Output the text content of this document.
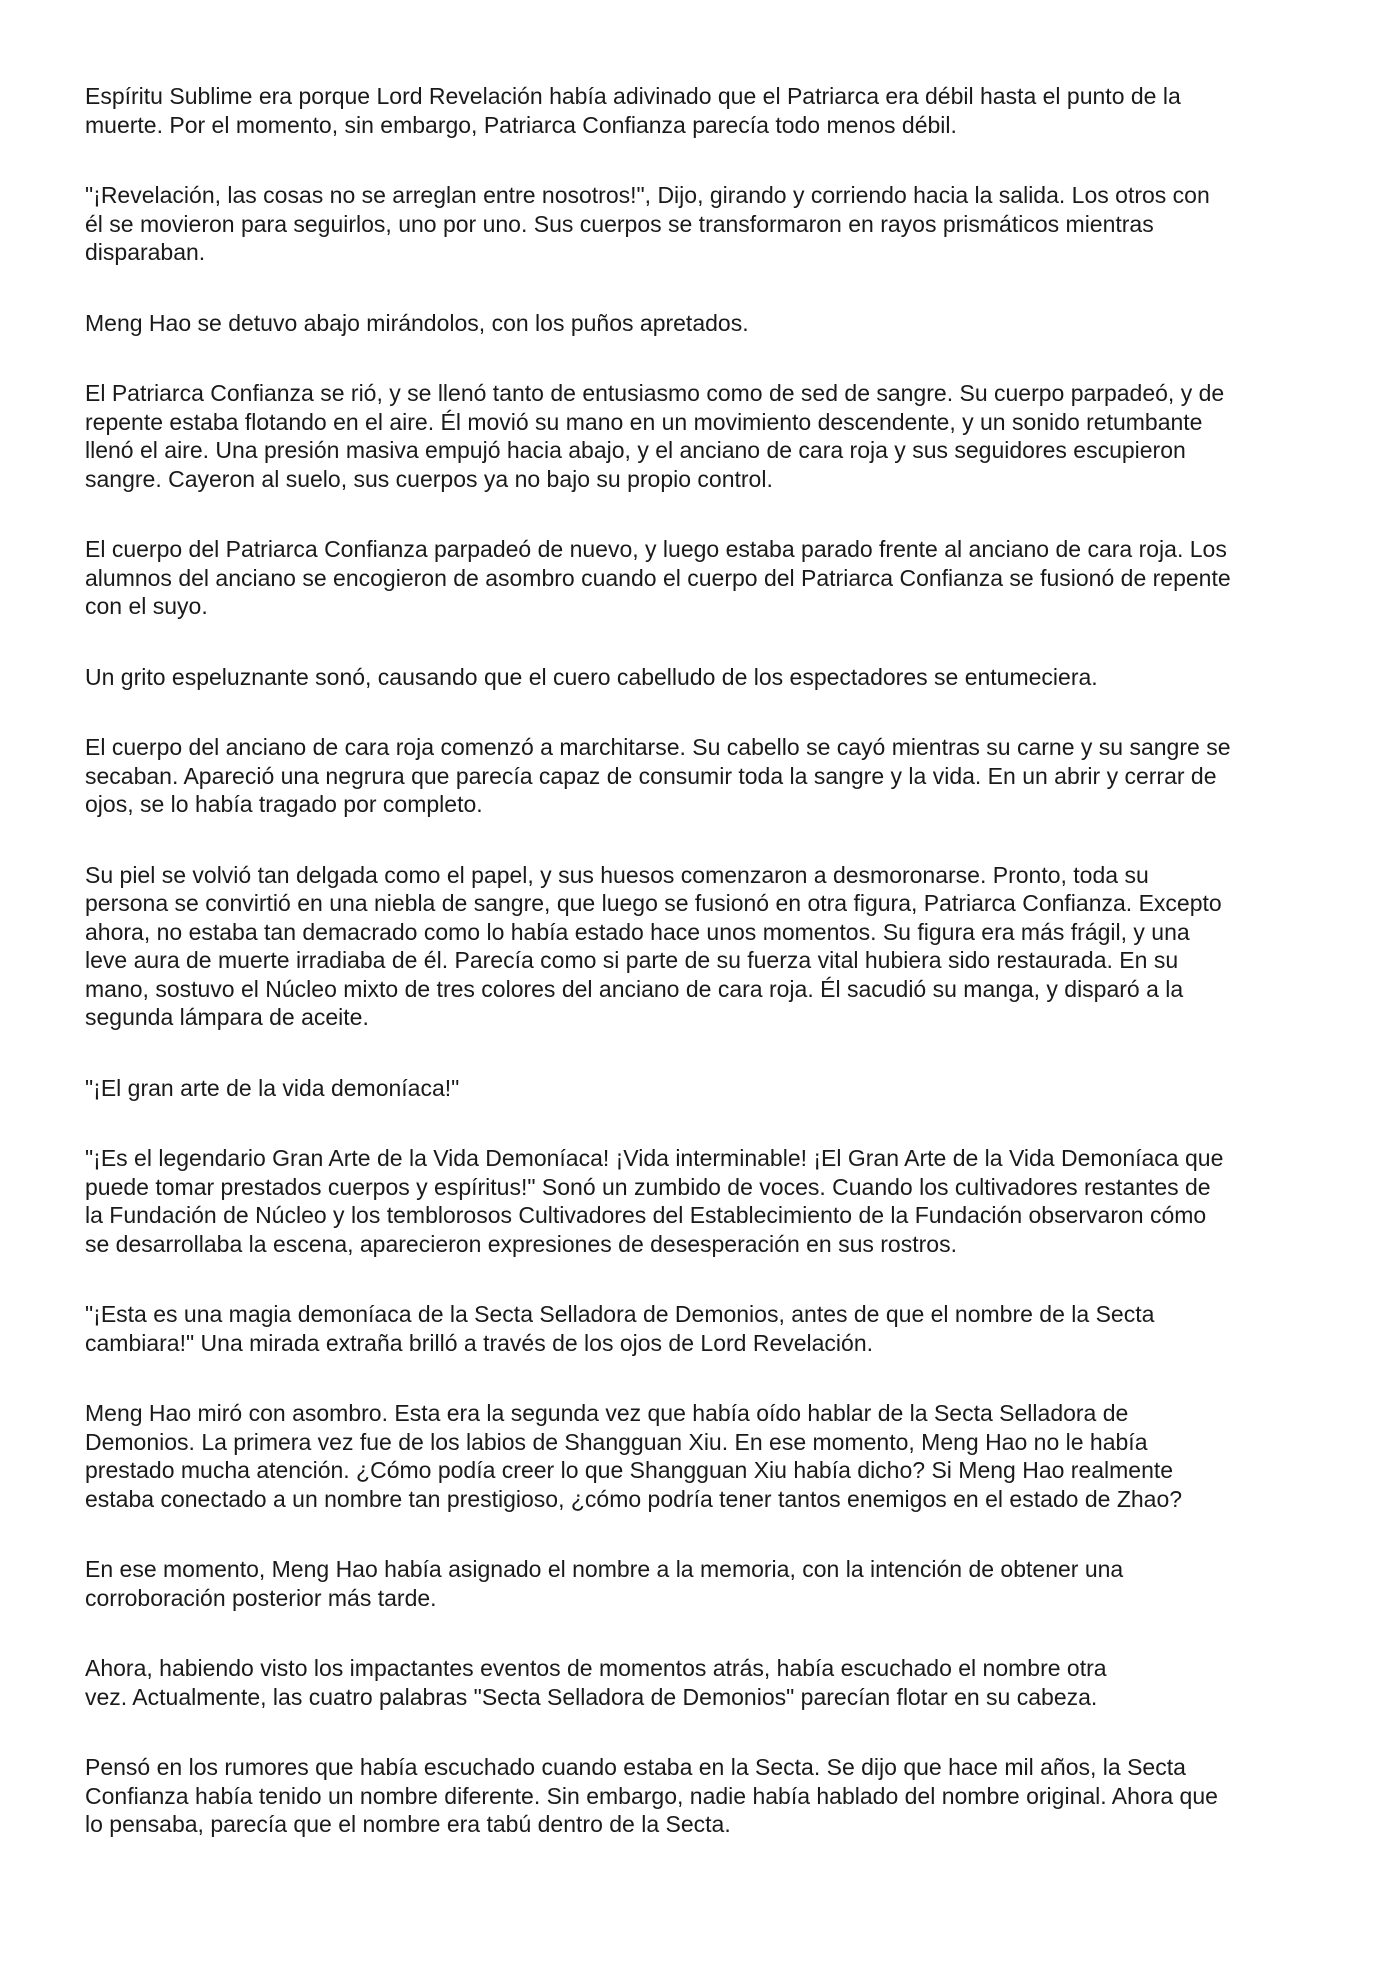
Espíritu Sublime era porque Lord Revelación había adivinado que el Patriarca era débil hasta el punto de la
muerte. Por el momento, sin embargo, Patriarca Confianza parecía todo menos débil.

"¡Revelación, las cosas no se arreglan entre nosotros!", Dijo, girando y corriendo hacia la salida. Los otros con
él se movieron para seguirlos, uno por uno. Sus cuerpos se transformaron en rayos prismáticos mientras
disparaban.

Meng Hao se detuvo abajo mirándolos, con los puños apretados.

El Patriarca Confianza se rió, y se llenó tanto de entusiasmo como de sed de sangre. Su cuerpo parpadeó, y de
repente estaba flotando en el aire. Él movió su mano en un movimiento descendente, y un sonido retumbante
llenó el aire. Una presión masiva empujó hacia abajo, y el anciano de cara roja y sus seguidores escupieron
sangre. Cayeron al suelo, sus cuerpos ya no bajo su propio control.

El cuerpo del Patriarca Confianza parpadeó de nuevo, y luego estaba parado frente al anciano de cara roja. Los
alumnos del anciano se encogieron de asombro cuando el cuerpo del Patriarca Confianza se fusionó de repente
con el suyo.

Un grito espeluznante sonó, causando que el cuero cabelludo de los espectadores se entumeciera.

El cuerpo del anciano de cara roja comenzó a marchitarse. Su cabello se cayó mientras su carne y su sangre se
secaban. Apareció una negrura que parecía capaz de consumir toda la sangre y la vida. En un abrir y cerrar de
ojos, se lo había tragado por completo.

Su piel se volvió tan delgada como el papel, y sus huesos comenzaron a desmoronarse. Pronto, toda su
persona se convirtió en una niebla de sangre, que luego se fusionó en otra figura, Patriarca Confianza. Excepto
ahora, no estaba tan demacrado como lo había estado hace unos momentos. Su figura era más frágil, y una
leve aura de muerte irradiaba de él. Parecía como si parte de su fuerza vital hubiera sido restaurada. En su
mano, sostuvo el Núcleo mixto de tres colores del anciano de cara roja. Él sacudió su manga, y disparó a la
segunda lámpara de aceite.

"¡El gran arte de la vida demoníaca!"

"¡Es el legendario Gran Arte de la Vida Demoníaca! ¡Vida interminable! ¡El Gran Arte de la Vida Demoníaca que
puede tomar prestados cuerpos y espíritus!" Sonó un zumbido de voces. Cuando los cultivadores restantes de
la Fundación de Núcleo y los temblorosos Cultivadores del Establecimiento de la Fundación observaron cómo
se desarrollaba la escena, aparecieron expresiones de desesperación en sus rostros.

"¡Esta es una magia demoníaca de la Secta Selladora de Demonios, antes de que el nombre de la Secta
cambiara!" Una mirada extraña brilló a través de los ojos de Lord Revelación.

Meng Hao miró con asombro. Esta era la segunda vez que había oído hablar de la Secta Selladora de
Demonios. La primera vez fue de los labios de Shangguan Xiu. En ese momento, Meng Hao no le había
prestado mucha atención. ¿Cómo podía creer lo que Shangguan Xiu había dicho? Si Meng Hao realmente
estaba conectado a un nombre tan prestigioso, ¿cómo podría tener tantos enemigos en el estado de Zhao?

En ese momento, Meng Hao había asignado el nombre a la memoria, con la intención de obtener una
corroboración posterior más tarde.

Ahora, habiendo visto los impactantes eventos de momentos atrás, había escuchado el nombre otra
vez. Actualmente, las cuatro palabras "Secta Selladora de Demonios" parecían flotar en su cabeza.

Pensó en los rumores que había escuchado cuando estaba en la Secta. Se dijo que hace mil años, la Secta
Confianza había tenido un nombre diferente. Sin embargo, nadie había hablado del nombre original. Ahora que
lo pensaba, parecía que el nombre era tabú dentro de la Secta.
